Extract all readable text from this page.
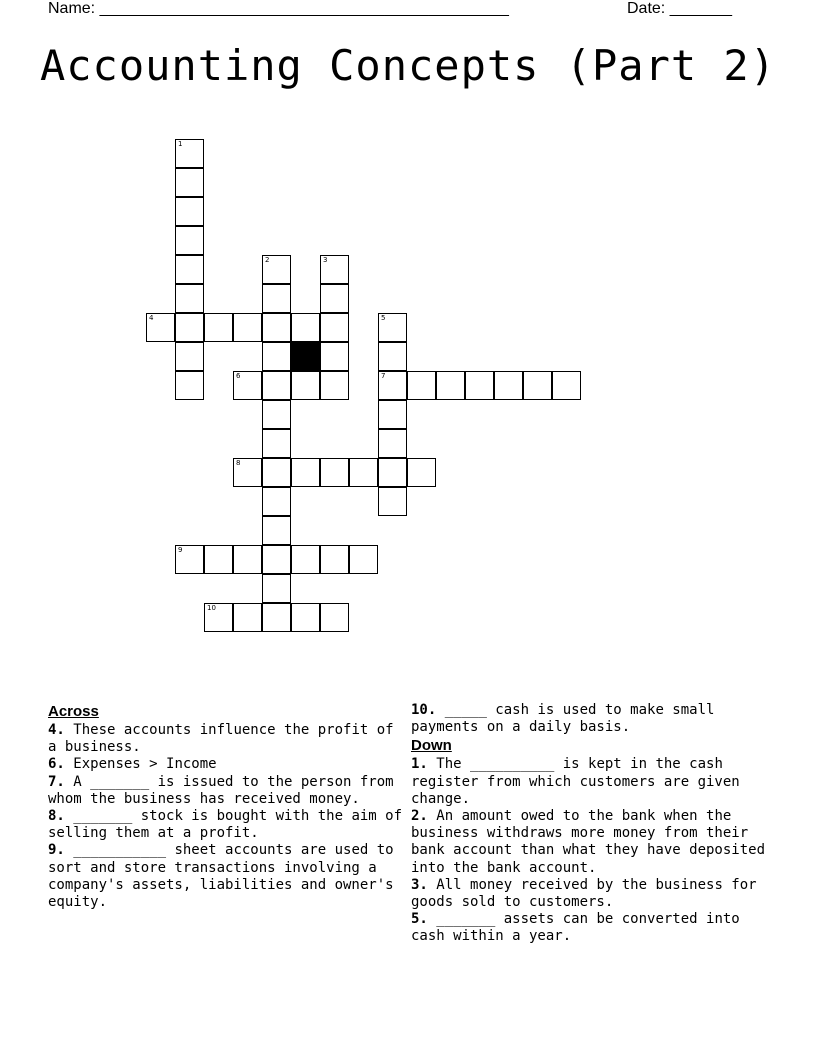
Name: ______________________________________________	Date: _______
Accounting Concepts (Part 2)
1
2	3
4	5
7
6
8
9
10
Across

4. These accounts influence the profit of a business.

6. Expenses > Income

7. A _______ is issued to the person from whom the business has received money.

8. _______ stock is bought with the aim of selling them at a profit.

9. ___________ sheet accounts are used to sort and store transactions involving a company's assets, liabilities and owner's equity.

10. _____ cash is used to make small payments on a daily basis.

Down

1. The __________ is kept in the cash register from which customers are given change.

2. An amount owed to the bank when the business withdraws more money from their bank account than what they have deposited into the bank account.

3. All money received by the business for goods sold to customers.

5. _______ assets can be converted into cash within a year.
